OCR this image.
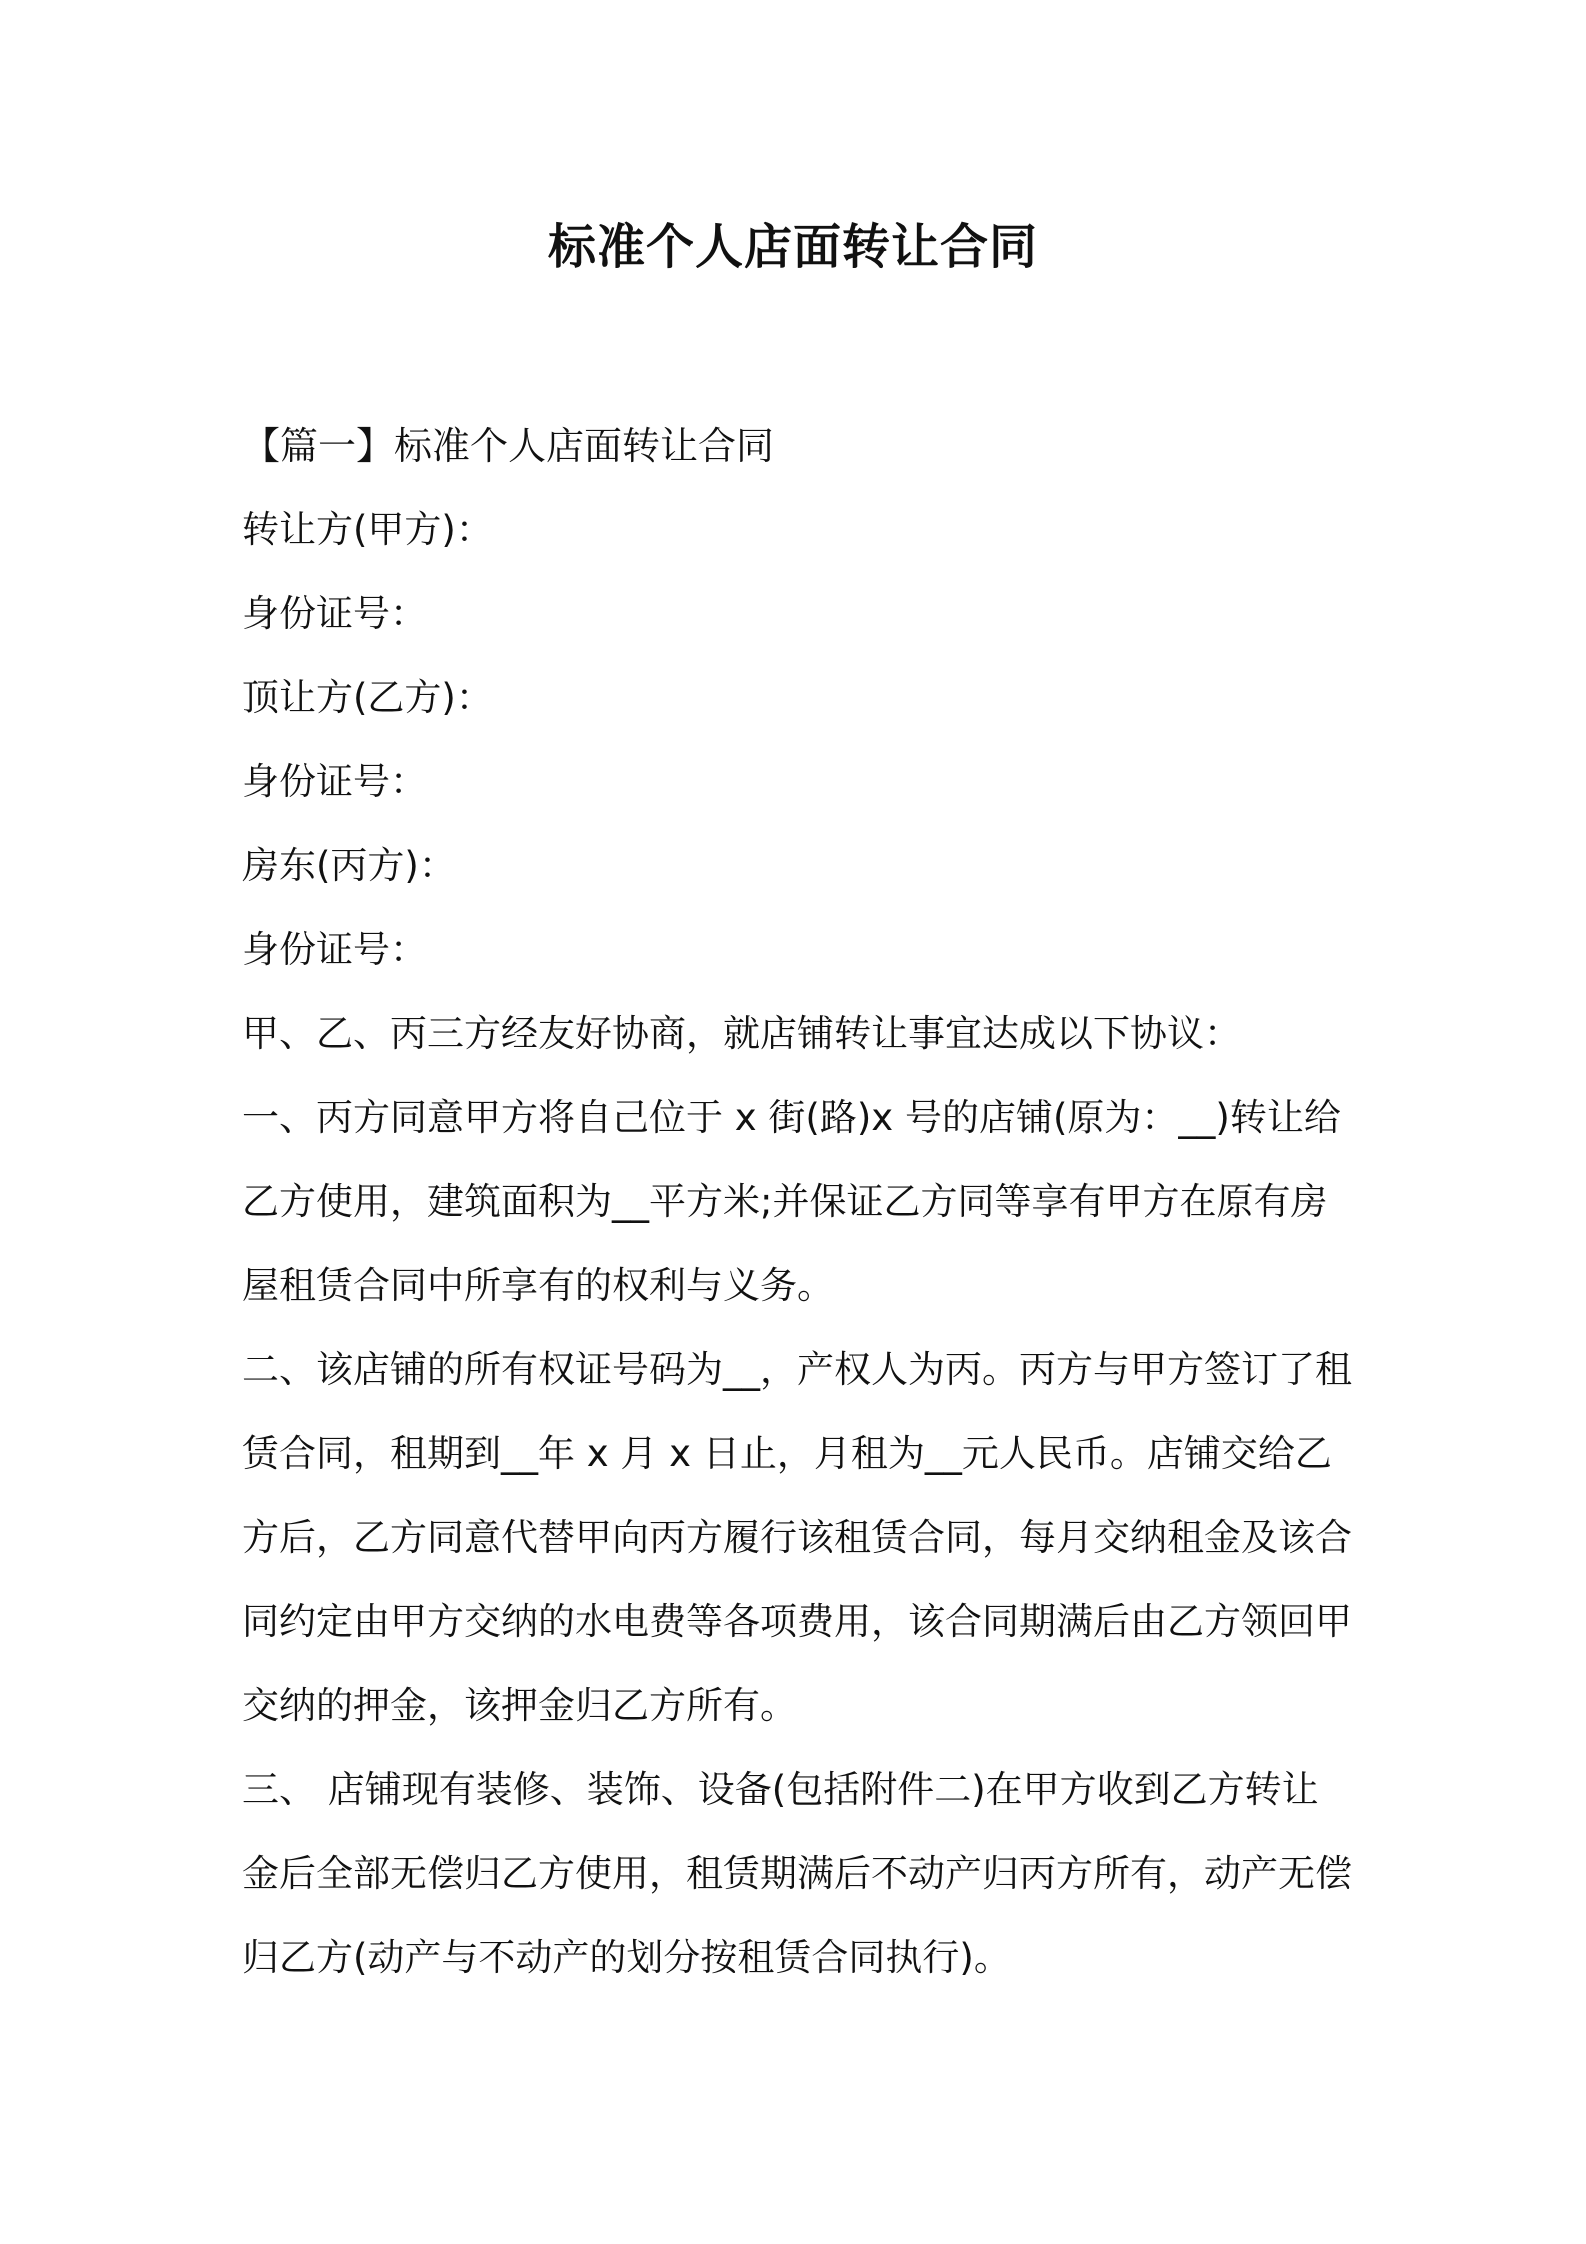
标准个人店面转让合同

【篇一】标准个人店面转让合同

转让方(甲方)：

身份证号：

顶让方(乙方)：

身份证号：

房东(丙方)：

身份证号：

甲、乙、丙三方经友好协商，就店铺转让事宜达成以下协议：

一、丙方同意甲方将自己位于 x 街(路)x 号的店铺(原为：__)转让给

乙方使用，建筑面积为__平方米;并保证乙方同等享有甲方在原有房

屋租赁合同中所享有的权利与义务。

二、该店铺的所有权证号码为__，产权人为丙。丙方与甲方签订了租

赁合同，租期到__年 x 月 x 日止，月租为__元人民币。店铺交给乙

方后，乙方同意代替甲向丙方履行该租赁合同，每月交纳租金及该合

同约定由甲方交纳的水电费等各项费用，该合同期满后由乙方领回甲

交纳的押金，该押金归乙方所有。

三、 店铺现有装修、装饰、设备(包括附件二)在甲方收到乙方转让

金后全部无偿归乙方使用，租赁期满后不动产归丙方所有，动产无偿

归乙方(动产与不动产的划分按租赁合同执行)。
